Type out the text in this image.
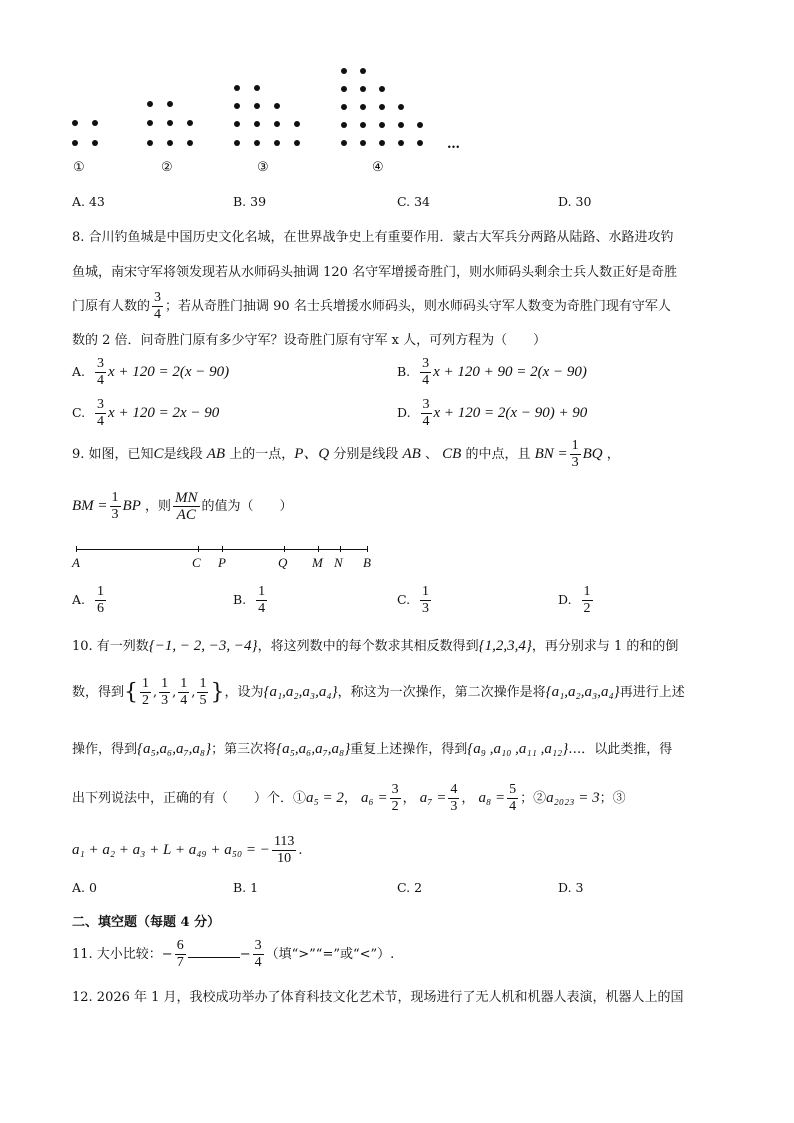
①	②	③	④
…
A. 43	B. 39	C. 34	D. 30
8. 合川钓鱼城是中国历史文化名城，在世界战争史上有重要作用．蒙古大军兵分两路从陆路、水路进攻钓
鱼城，南宋守军将领发现若从水师码头抽调 120 名守军增援奇胜门，则水师码头剩余士兵人数正好是奇胜
门原有人数的 $\frac{3}{4}$ ；若从奇胜门抽调 90 名士兵增援水师码头，则水师码头守军人数变为奇胜门现有守军人
数的 2 倍．问奇胜门原有多少守军？设奇胜门原有守军 x 人，可列方程为（　　）
A. $\frac{3}{4}$ x + 120 = 2(x − 90)	B. $\frac{3}{4}$ x + 120 + 90 = 2(x − 90)
C. $\frac{3}{4}$ x + 120 = 2x − 90	D. $\frac{3}{4}$ x + 120 = 2(x − 90) + 90
9. 如图，已知C是线段 AB 上的一点，P、Q 分别是线段 AB 、 CB 的中点，且 BN = $\frac{1}{3}$ BQ ，
BM = $\frac{1}{3}$ BP ，则 $\frac{MN}{AC}$ 的值为（　　）
A	C P	Q M N B
A. $\frac{1}{6}$	B. $\frac{1}{4}$	C. $\frac{1}{3}$	D. $\frac{1}{2}$
10. 有一列数{−1, − 2, −3, −4}，将这列数中的每个数求其相反数得到{1,2,3,4}，再分别求与 1 的和的倒
数，得到{ $\frac{1}{2}$ , $\frac{1}{3}$ , $\frac{1}{4}$ , $\frac{1}{5}$ }，设为{a₁,a₂,a₃,a₄}，称这为一次操作，第二次操作是将{a₁,a₂,a₃,a₄}再进行上述
操作，得到{a₅,a₆,a₇,a₈}；第三次将{a₅,a₆,a₇,a₈}重复上述操作，得到{a₉ ,a₁₀ ,a₁₁ ,a₁₂}…．以此类推，得
出下列说法中，正确的有（　　）个．①a₅ = 2， $a_6 = \frac{3}{2}$ ， $a_7 = \frac{4}{3}$ ， $a_8 = \frac{5}{4}$ ；②a₂₀₂₃ = 3；③
a₁ + a₂ + a₃ + L + a₄₉ + a₅₀ = − $\frac{113}{10}$ .
A. 0	B. 1	C. 2	D. 3
二、填空题（每题 4 分）
11. 大小比较：− $\frac{6}{7}$	− $\frac{3}{4}$ （填“>”“=”或“<”）.
12. 2026 年 1 月，我校成功举办了体育科技文化艺术节，现场进行了无人机和机器人表演，机器人上的国
